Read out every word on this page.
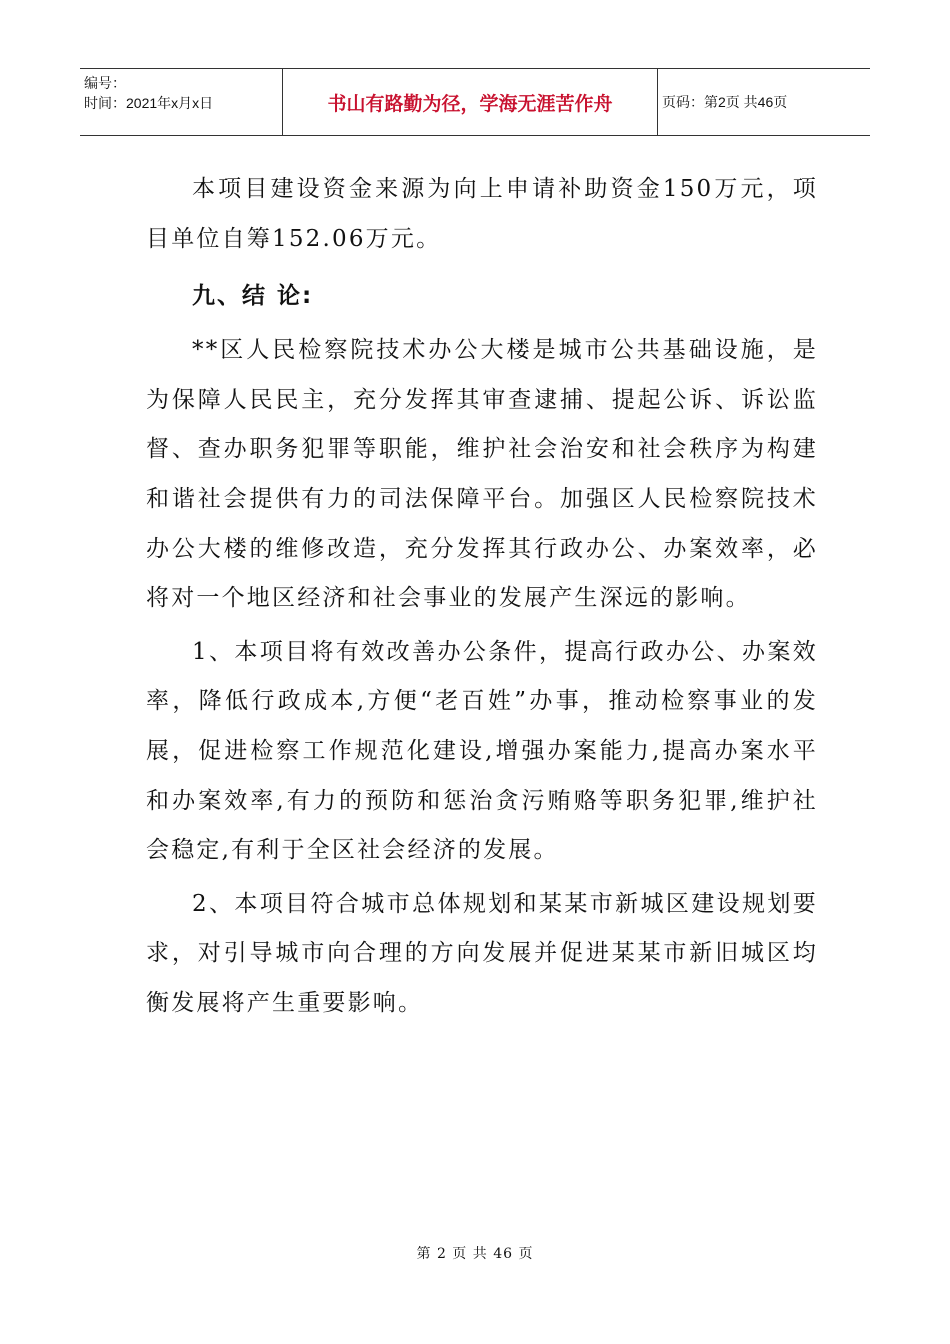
编号：
时间：2021年x月x日	书山有路勤为径，学海无涯苦作舟	页码：第2页 共46页

本项目建设资金来源为向上申请补助资金150万元，项目单位自筹152.06万元。

九、结 论:

**区人民检察院技术办公大楼是城市公共基础设施，是为保障人民民主，充分发挥其审查逮捕、提起公诉、诉讼监督、查办职务犯罪等职能，维护社会治安和社会秩序为构建和谐社会提供有力的司法保障平台。加强区人民检察院技术办公大楼的维修改造，充分发挥其行政办公、办案效率，必将对一个地区经济和社会事业的发展产生深远的影响。

1、本项目将有效改善办公条件，提高行政办公、办案效率，降低行政成本,方便“老百姓”办事，推动检察事业的发展，促进检察工作规范化建设,增强办案能力,提高办案水平和办案效率,有力的预防和惩治贪污贿赂等职务犯罪,维护社会稳定,有利于全区社会经济的发展。

2、本项目符合城市总体规划和某某市新城区建设规划要求，对引导城市向合理的方向发展并促进某某市新旧城区均衡发展将产生重要影响。

第 2 页 共 46 页
